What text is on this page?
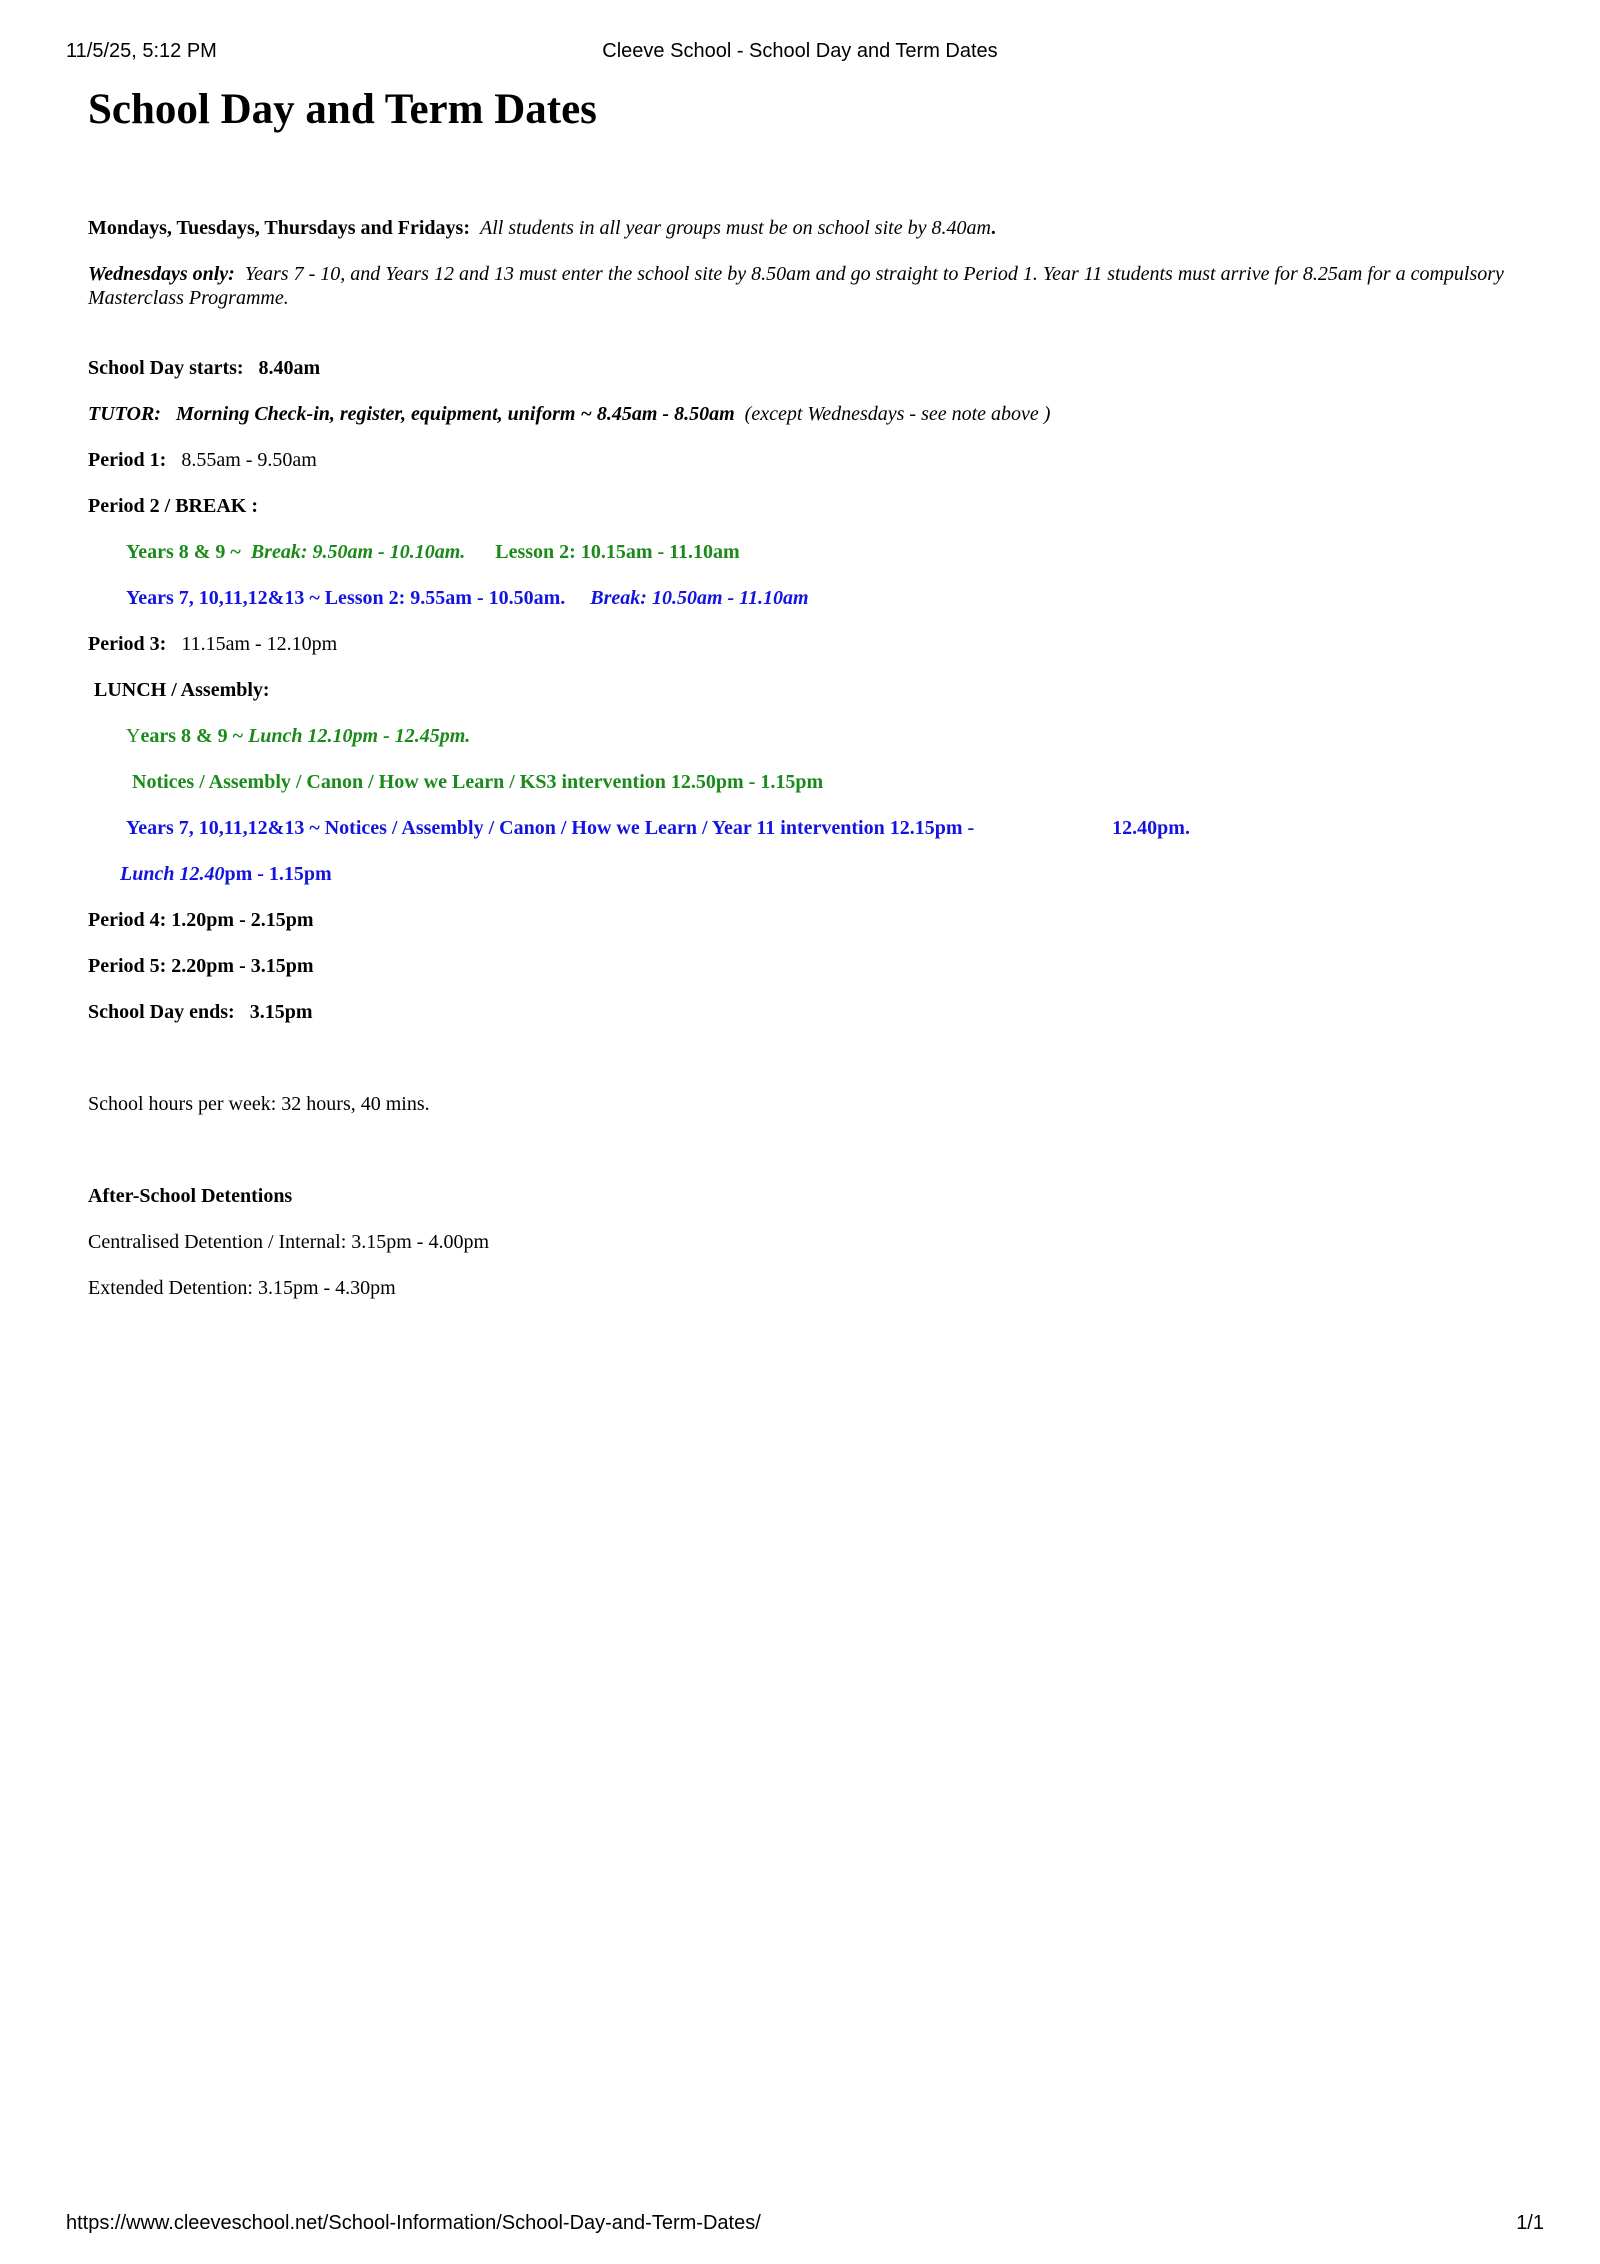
11/5/25, 5:12 PM	Cleeve School - School Day and Term Dates
School Day and Term Dates

Mondays, Tuesdays, Thursdays and Fridays: All students in all year groups must be on school site by 8.40am.

Wednesdays only: Years 7 - 10, and Years 12 and 13 must enter the school site by 8.50am and go straight to Period 1. Year 11 students must arrive for 8.25am for a compulsory Masterclass Programme.

School Day starts: 8.40am

TUTOR: Morning Check-in, register, equipment, uniform ~ 8.45am - 8.50am (except Wednesdays - see note above )

Period 1: 8.55am - 9.50am

Period 2 / BREAK :

Years 8 & 9 ~ Break: 9.50am - 10.10am. Lesson 2: 10.15am - 11.10am

Years 7, 10,11,12&13 ~ Lesson 2: 9.55am - 10.50am. Break: 10.50am - 11.10am

Period 3: 11.15am - 12.10pm

LUNCH / Assembly:

Years 8 & 9 ~ Lunch 12.10pm - 12.45pm.

Notices / Assembly / Canon / How we Learn / KS3 intervention 12.50pm - 1.15pm

Years 7, 10,11,12&13 ~ Notices / Assembly / Canon / How we Learn / Year 11 intervention 12.15pm -	12.40pm.

Lunch 12.40pm - 1.15pm

Period 4: 1.20pm - 2.15pm

Period 5: 2.20pm - 3.15pm

School Day ends: 3.15pm

School hours per week: 32 hours, 40 mins.

After-School Detentions

Centralised Detention / Internal: 3.15pm - 4.00pm

Extended Detention: 3.15pm - 4.30pm

https://www.cleeveschool.net/School-Information/School-Day-and-Term-Dates/	1/1
